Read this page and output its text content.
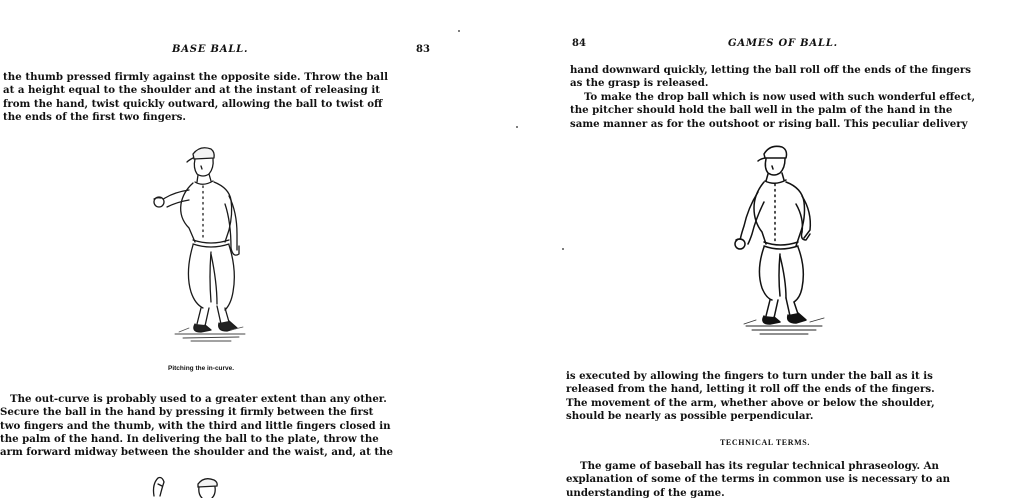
BASE BALL.	83
the thumb pressed firmly against the opposite side. Throw the ball
at a height equal to the shoulder and at the instant of releasing it
from the hand, twist quickly outward, allowing the ball to twist off
the ends of the first two fingers.
Pitching the in-curve.
The out-curve is probably used to a greater extent than any other.
Secure the ball in the hand by pressing it firmly between the first
two fingers and the thumb, with the third and little fingers closed in
the palm of the hand. In delivering the ball to the plate, throw the
arm forward midway between the shoulder and the waist, and, at the
84	GAMES OF BALL.
hand downward quickly, letting the ball roll off the ends of the fingers
as the grasp is released.
To make the drop ball which is now used with such wonderful effect,
the pitcher should hold the ball well in the palm of the hand in the
same manner as for the outshoot or rising ball. This peculiar delivery
is executed by allowing the fingers to turn under the ball as it is
released from the hand, letting it roll off the ends of the fingers.
The movement of the arm, whether above or below the shoulder,
should be nearly as possible perpendicular.
TECHNICAL TERMS.
The game of baseball has its regular technical phraseology. An
explanation of some of the terms in common use is necessary to an
understanding of the game.
